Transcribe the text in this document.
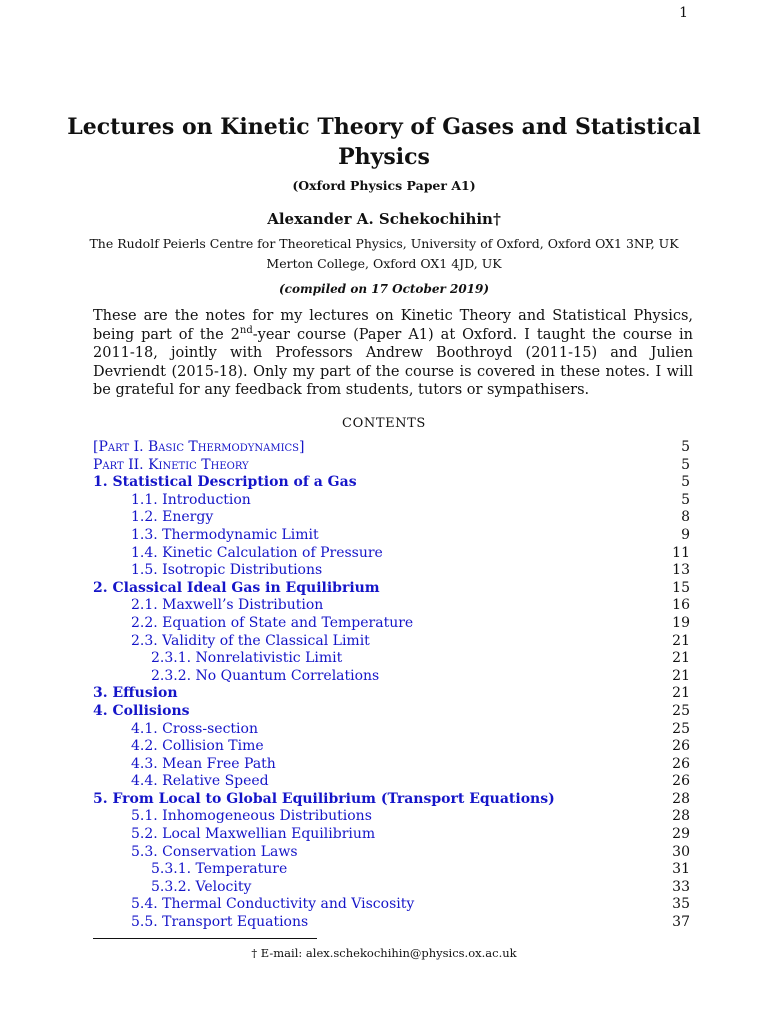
1
Lectures on Kinetic Theory of Gases and Statistical Physics
(Oxford Physics Paper A1)
Alexander A. Schekochihin†
The Rudolf Peierls Centre for Theoretical Physics, University of Oxford, Oxford OX1 3NP, UK
Merton College, Oxford OX1 4JD, UK
(compiled on 17 October 2019)

These are the notes for my lectures on Kinetic Theory and Statistical Physics, being part of the 2nd-year course (Paper A1) at Oxford. I taught the course in 2011-18, jointly with Professors Andrew Boothroyd (2011-15) and Julien Devriendt (2015-18). Only my part of the course is covered in these notes. I will be grateful for any feedback from students, tutors or sympathisers.

CONTENTS
[Part I. Basic Thermodynamics]	5
Part II. Kinetic Theory	5
1. Statistical Description of a Gas	5
1.1. Introduction	5
1.2. Energy	8
1.3. Thermodynamic Limit	9
1.4. Kinetic Calculation of Pressure	11
1.5. Isotropic Distributions	13
2. Classical Ideal Gas in Equilibrium	15
2.1. Maxwell’s Distribution	16
2.2. Equation of State and Temperature	19
2.3. Validity of the Classical Limit	21
2.3.1. Nonrelativistic Limit	21
2.3.2. No Quantum Correlations	21
3. Effusion	21
4. Collisions	25
4.1. Cross-section	25
4.2. Collision Time	26
4.3. Mean Free Path	26
4.4. Relative Speed	26
5. From Local to Global Equilibrium (Transport Equations)	28
5.1. Inhomogeneous Distributions	28
5.2. Local Maxwellian Equilibrium	29
5.3. Conservation Laws	30
5.3.1. Temperature	31
5.3.2. Velocity	33
5.4. Thermal Conductivity and Viscosity	35
5.5. Transport Equations	37
† E-mail: alex.schekochihin@physics.ox.ac.uk
